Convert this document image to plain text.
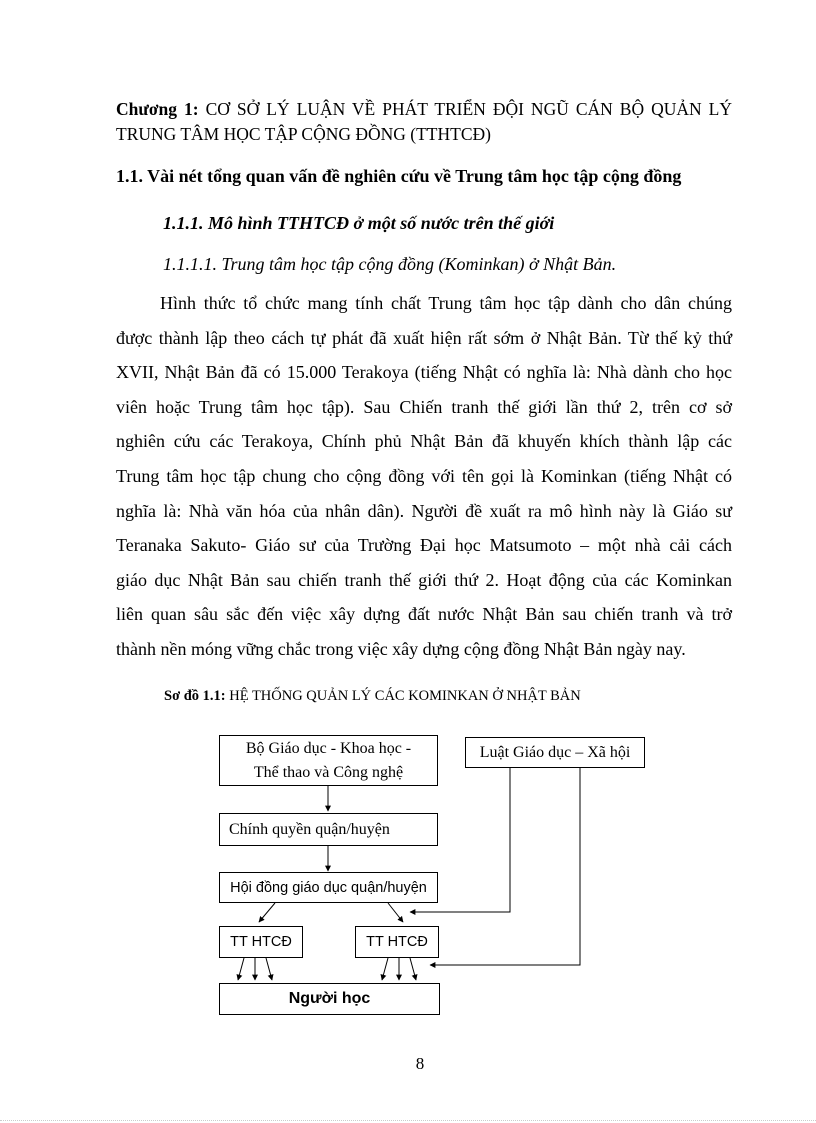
Chương 1: CƠ SỞ LÝ LUẬN VỀ PHÁT TRIỂN ĐỘI NGŨ CÁN BỘ QUẢN LÝ TRUNG TÂM HỌC TẬP CỘNG ĐỒNG (TTHTCĐ)
1.1. Vài nét tổng quan vấn đề nghiên cứu về Trung tâm học tập cộng đồng
1.1.1. Mô hình TTHTCĐ ở một số nước trên thế giới
1.1.1.1. Trung tâm học tập cộng đồng (Kominkan) ở Nhật Bản.
Hình thức tổ chức mang tính chất Trung tâm học tập dành cho dân chúng
được thành lập theo cách tự phát đã xuất hiện rất sớm ở Nhật Bản. Từ thế kỷ thứ
XVII, Nhật Bản đã có 15.000 Terakoya (tiếng Nhật có nghĩa là: Nhà dành cho học
viên hoặc Trung tâm học tập). Sau Chiến tranh thế giới lần thứ 2, trên cơ sở
nghiên cứu các Terakoya, Chính phủ Nhật Bản đã khuyến khích thành lập các
Trung tâm học tập chung cho cộng đồng với tên gọi là Kominkan (tiếng Nhật có
nghĩa là: Nhà văn hóa của nhân dân). Người đề xuất ra mô hình này là Giáo sư
Teranaka Sakuto- Giáo sư của Trường Đại học Matsumoto – một nhà cải cách
giáo dục Nhật Bản sau chiến tranh thế giới thứ 2. Hoạt động của các Kominkan
liên quan sâu sắc đến việc xây dựng đất nước Nhật Bản sau chiến tranh và trở
thành nền móng vững chắc trong việc xây dựng cộng đồng Nhật Bản ngày nay.
Sơ đồ 1.1: HỆ THỐNG QUẢN LÝ CÁC KOMINKAN Ở NHẬT BẢN
Bộ Giáo dục - Khoa học -
Thể thao và Công nghệ
Luật Giáo dục – Xã hội
Chính quyền quận/huyện
Hội đồng giáo dục quận/huyện
TT HTCĐ	TT HTCĐ
Người học
8
